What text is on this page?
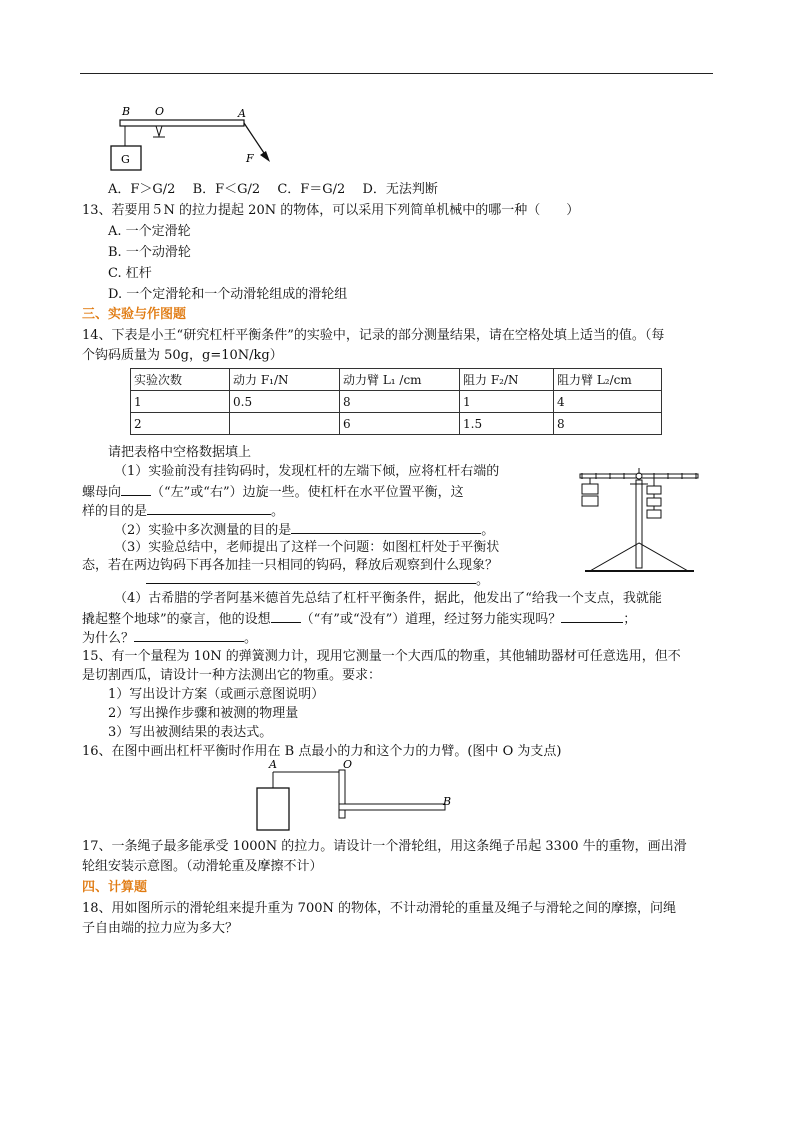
B O	A
G	F
A．F＞G/2　 B．F＜G/2　 C．F＝G/2　 D．无法判断
13、若要用５N 的拉力提起 20N 的物体，可以采用下列简单机械中的哪一种（　　）
A. 一个定滑轮
B. 一个动滑轮
C. 杠杆
D. 一个定滑轮和一个动滑轮组成的滑轮组
三、实验与作图题
14、下表是小王“研究杠杆平衡条件”的实验中，记录的部分测量结果，请在空格处填上适当的值。（每
个钩码质量为 50g，g=10N/kg）
实验次数	动力 F₁/N	动力臂 L₁ /cm	阻力 F₂/N	阻力臂 L₂/cm
1	0.5	8	1	4
2		6	1.5	8
请把表格中空格数据填上
（1）实验前没有挂钩码时，发现杠杆的左端下倾，应将杠杆右端的
螺母向 （“左”或“右”）边旋一些。使杠杆在水平位置平衡，这
样的目的是	。
（2）实验中多次测量的目的是	。
（3）实验总结中，老师提出了这样一个问题：如图杠杆处于平衡状
态，若在两边钩码下再各加挂一只相同的钩码，释放后观察到什么现象？
。
（4）古希腊的学者阿基米德首先总结了杠杆平衡条件，据此，他发出了“给我一个支点，我就能
撬起整个地球”的豪言，他的设想 （“有”或“没有”）道理，经过努力能实现吗？	；
为什么？	。
15、有一个量程为 10N 的弹簧测力计，现用它测量一个大西瓜的物重，其他辅助器材可任意选用，但不
是切割西瓜，请设计一种方法测出它的物重。要求：
1）写出设计方案（或画示意图说明）
2）写出操作步骤和被测的物理量
3）写出被测结果的表达式。
16、在图中画出杠杆平衡时作用在 B 点最小的力和这个力的力臂。(图中 O 为支点)
A	O
B
17、一条绳子最多能承受 1000N 的拉力。请设计一个滑轮组，用这条绳子吊起 3300 牛的重物，画出滑
轮组安装示意图。（动滑轮重及摩擦不计）
四、计算题
18、用如图所示的滑轮组来提升重为 700N 的物体，不计动滑轮的重量及绳子与滑轮之间的摩擦，问绳
子自由端的拉力应为多大？
